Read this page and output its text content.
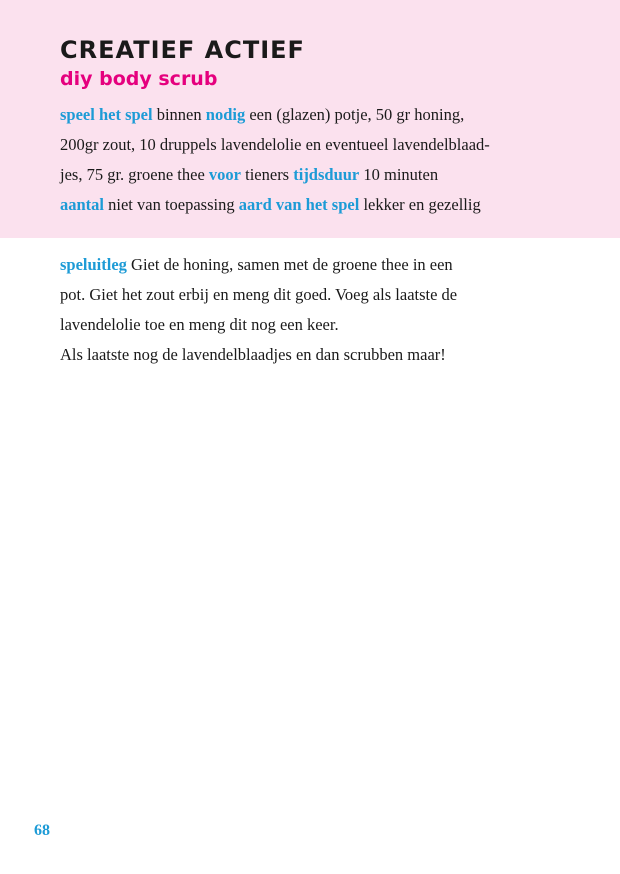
CREATIEF ACTIEF
diy body scrub
speel het spel binnen nodig een (glazen) potje, 50 gr honing,
200gr zout, 10 druppels lavendelolie en eventueel lavendelblaad-
jes, 75 gr. groene thee voor tieners tijdsduur 10 minuten
aantal niet van toepassing aard van het spel lekker en gezellig
speluitleg Giet de honing, samen met de groene thee in een
pot. Giet het zout erbij en meng dit goed. Voeg als laatste de
lavendelolie toe en meng dit nog een keer.
Als laatste nog de lavendelblaadjes en dan scrubben maar!
68
